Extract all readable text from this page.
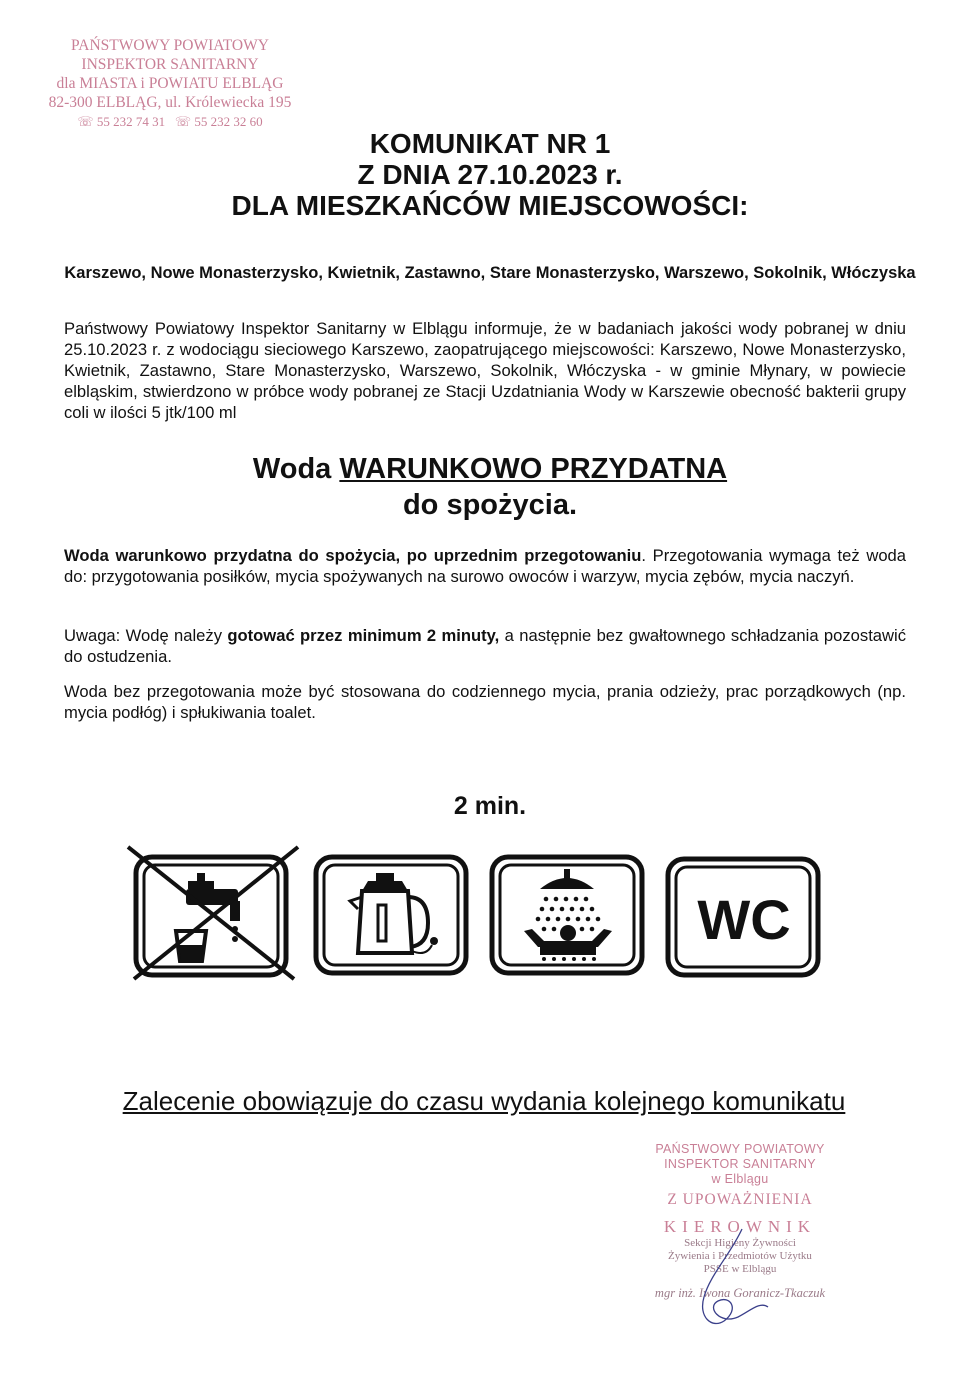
PAŃSTWOWY POWIATOWY
INSPEKTOR SANITARNY
dla MIASTA i POWIATU ELBLĄG
82-300 ELBLĄG, ul. Królewiecka 195
☏ 55 232 74 31 ☏ 55 232 32 60
KOMUNIKAT NR 1
Z DNIA 27.10.2023 r.
DLA MIESZKAŃCÓW MIEJSCOWOŚCI:
Karszewo, Nowe Monasterzysko, Kwietnik, Zastawno, Stare Monasterzysko, Warszewo, Sokolnik, Włóczyska
Państwowy Powiatowy Inspektor Sanitarny w Elblągu informuje, że w badaniach jakości wody pobranej w dniu 25.10.2023 r. z wodociągu sieciowego Karszewo, zaopatrującego miejscowości: Karszewo, Nowe Monasterzysko, Kwietnik, Zastawno, Stare Monasterzysko, Warszewo, Sokolnik, Włóczyska - w gminie Młynary, w powiecie elbląskim, stwierdzono w próbce wody pobranej ze Stacji Uzdatniania Wody w Karszewie obecność bakterii grupy coli w ilości 5 jtk/100 ml
Woda WARUNKOWO PRZYDATNA
do spożycia.
Woda warunkowo przydatna do spożycia, po uprzednim przegotowaniu. Przegotowania wymaga też woda do: przygotowania posiłków, mycia spożywanych na surowo owoców i warzyw, mycia zębów, mycia naczyń.
Uwaga: Wodę należy gotować przez minimum 2 minuty, a następnie bez gwałtownego schładzania pozostawić do ostudzenia.
Woda bez przegotowania może być stosowana do codziennego mycia, prania odzieży, prac porządkowych (np. mycia podłóg) i spłukiwania toalet.
2 min.
WC
Zalecenie obowiązuje do czasu wydania kolejnego komunikatu
PAŃSTWOWY POWIATOWY
INSPEKTOR SANITARNY
w Elblągu
Z UPOWAŻNIENIA
KIEROWNIK
Sekcji Higieny Żywności
Żywienia i Przedmiotów Użytku
PSSE w Elblągu
mgr inż. Iwona Goranicz-Tkaczuk
